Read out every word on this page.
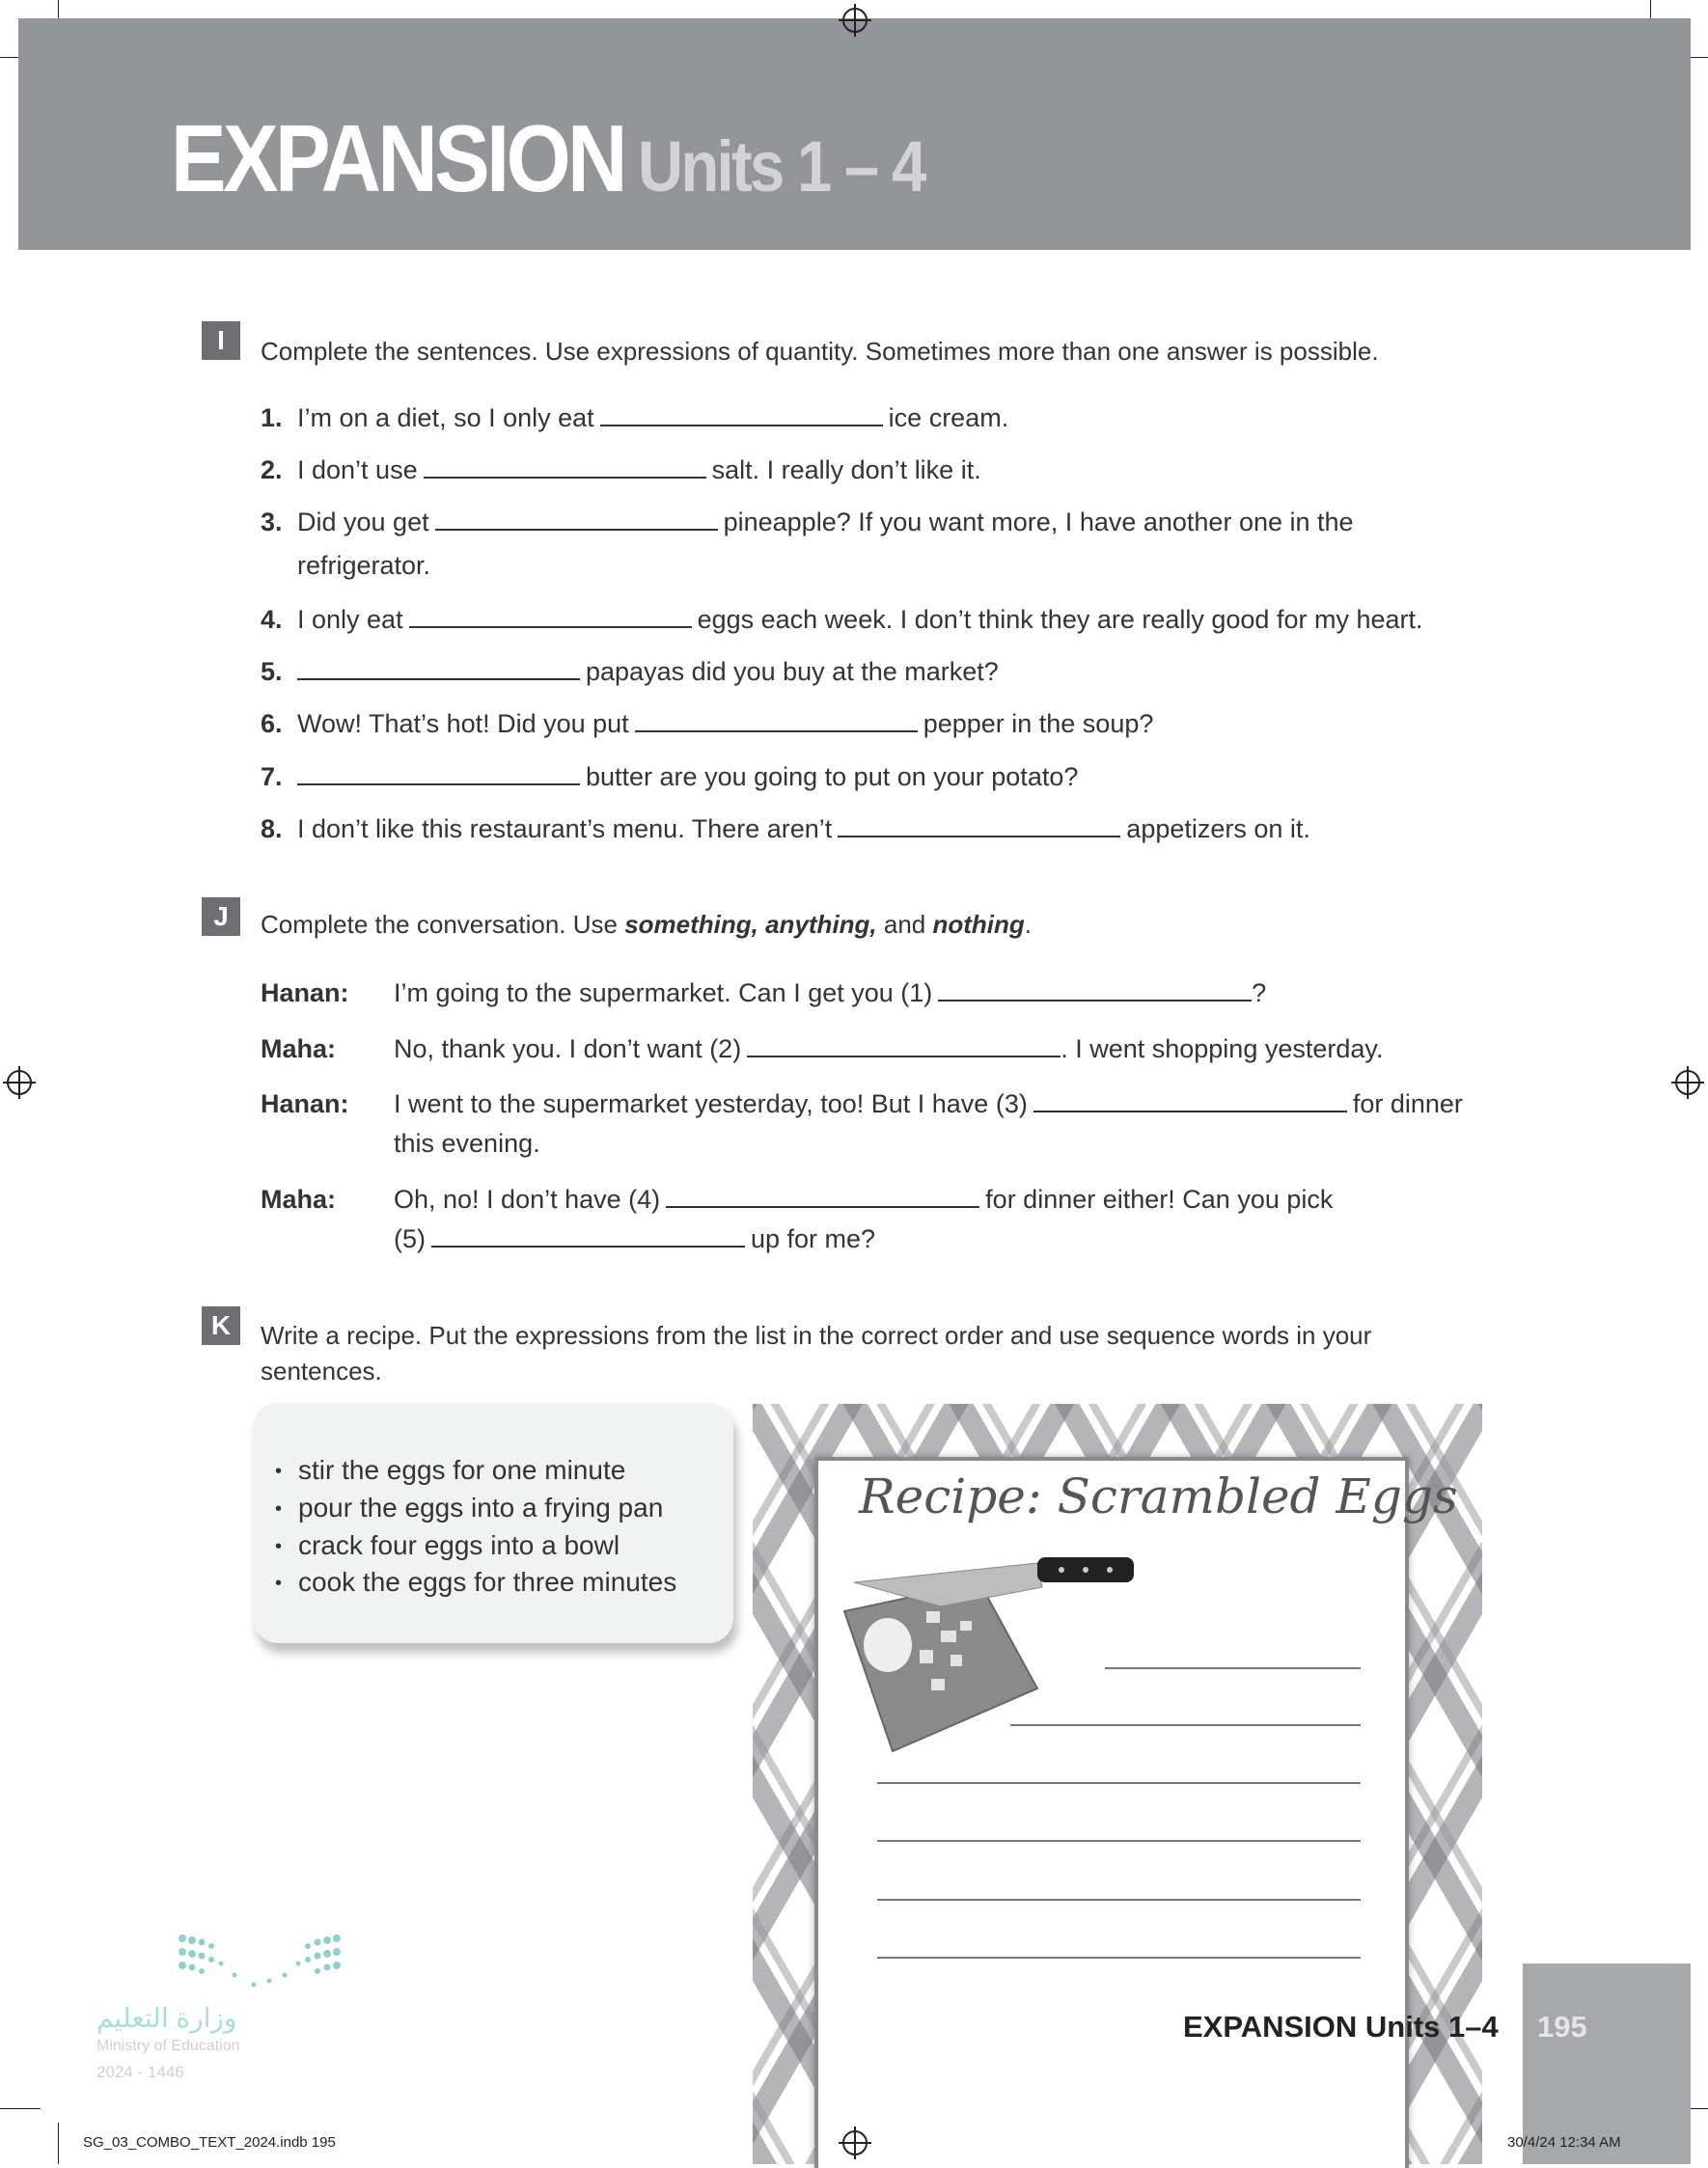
EXPANSION Units 1 – 4
I	Complete the sentences. Use expressions of quantity. Sometimes more than one answer is possible.
1. I’m on a diet, so I only eat	ice cream.
2. I don’t use	salt. I really don’t like it.
3. Did you get	pineapple? If you want more, I have another one in the
refrigerator.
4. I only eat	eggs each week. I don’t think they are really good for my heart.
5.	papayas did you buy at the market?
6. Wow! That’s hot! Did you put	pepper in the soup?
7.	butter are you going to put on your potato?
8. I don’t like this restaurant’s menu. There aren’t	appetizers on it.
J	Complete the conversation. Use something, anything, and nothing.
Hanan: I’m going to the supermarket. Can I get you (1)	?
Maha: No, thank you. I don’t want (2)	. I went shopping yesterday.
Hanan: I went to the supermarket yesterday, too! But I have (3)	for dinner
this evening.
Maha: Oh, no! I don’t have (4)	for dinner either! Can you pick
(5)	up for me?
K	Write a recipe. Put the expressions from the list in the correct order and use sequence words in your
sentences.
• stir the eggs for one minute
• pour the eggs into a frying pan
• crack four eggs into a bowl
• cook the eggs for three minutes
Recipe: Scrambled Eggs
وزارة التعليم
Ministry of Education
2024 - 1446
EXPANSION Units 1–4 195
SG_03_COMBO_TEXT_2024.indb 195	30/4/24 12:34 AM
